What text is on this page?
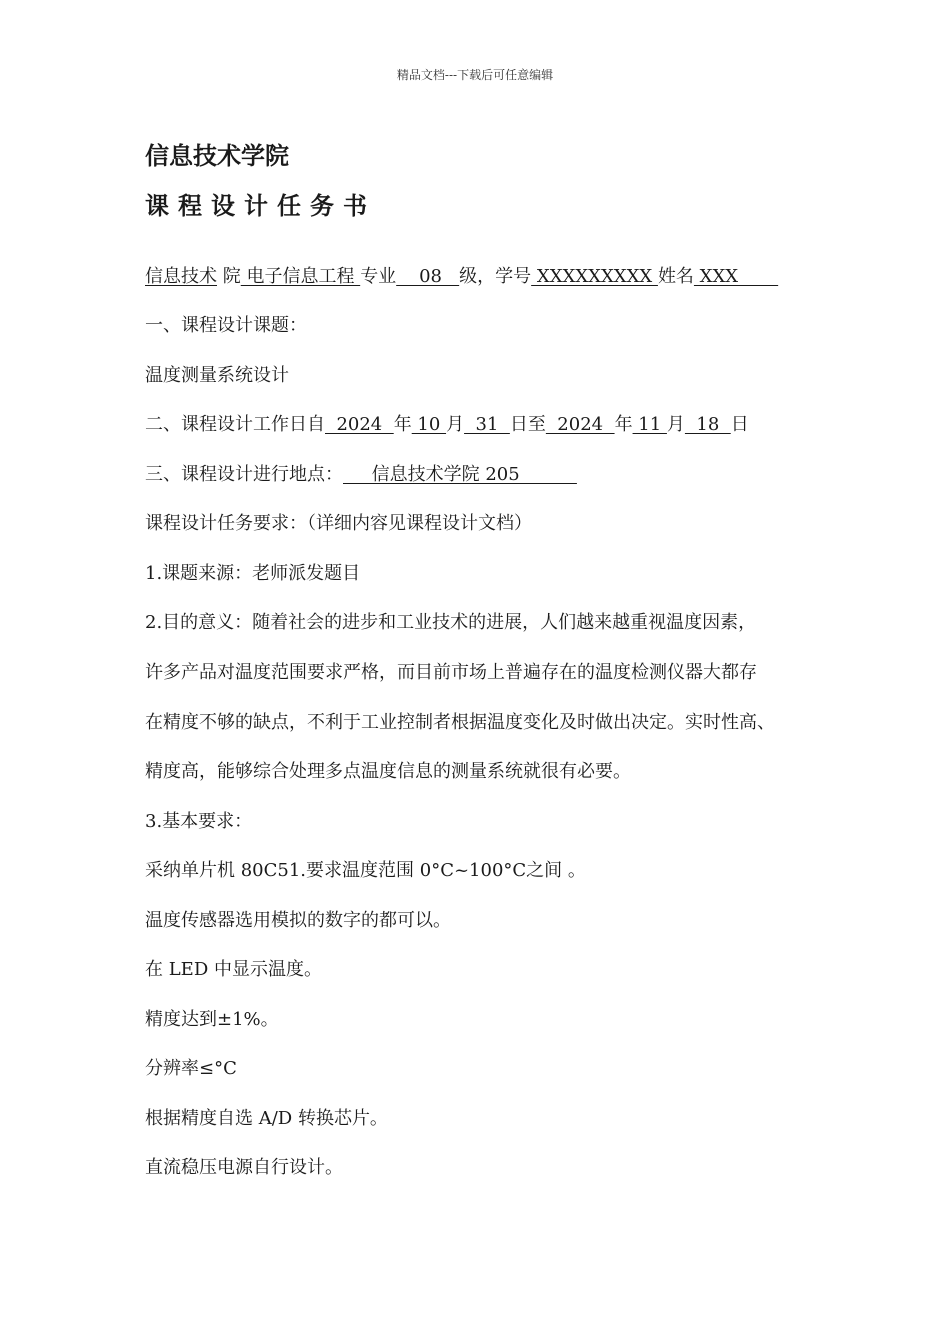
精品文档---下载后可任意编辑
信息技术学院
课程设计任务书
信息技术 院 电子信息工程 专业    08   级，学号 XXXXXXXXX 姓名 XXX
一、课程设计课题：
温度测量系统设计
二、课程设计工作日自  2024  年 10 月  31  日至  2024  年 11 月  18  日
三、课程设计进行地点：     信息技术学院 205
课程设计任务要求：（详细内容见课程设计文档）
1.课题来源：老师派发题目
2.目的意义：随着社会的进步和工业技术的进展，人们越来越重视温度因素，
许多产品对温度范围要求严格，而目前市场上普遍存在的温度检测仪器大都存
在精度不够的缺点，不利于工业控制者根据温度变化及时做出决定。实时性高、
精度高，能够综合处理多点温度信息的测量系统就很有必要。
3.基本要求：
采纳单片机 80C51.要求温度范围 0°C~100°C之间 。
温度传感器选用模拟的数字的都可以。
在 LED 中显示温度。
精度达到±1%。
分辨率≤°C
根据精度自选 A/D 转换芯片。
直流稳压电源自行设计。
